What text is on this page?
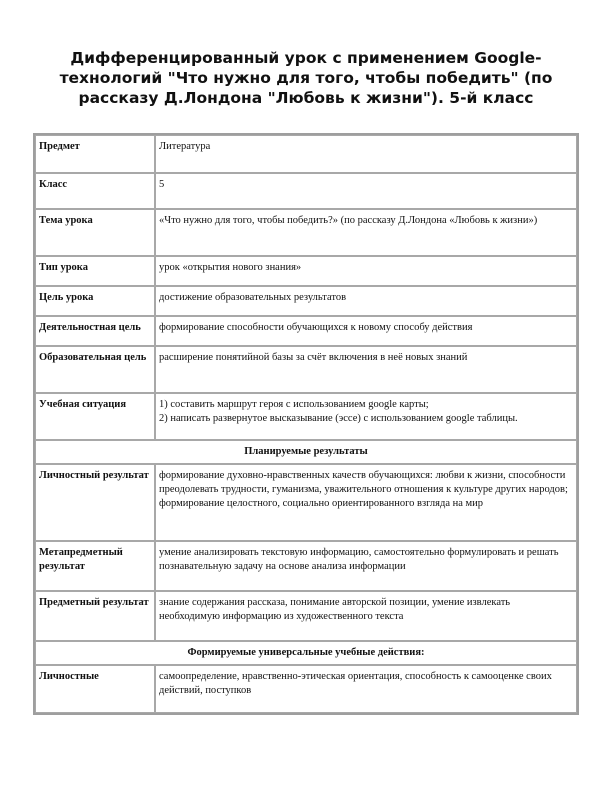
Дифференцированный урок с применением Google-технологий "Что нужно для того, чтобы победить" (по рассказу Д.Лондона "Любовь к жизни"). 5-й класс
Предмет	Литература
Класс	5
Тема урока	«Что нужно для того, чтобы победить?» (по рассказу Д.Лондона «Любовь к жизни»)
Тип урока	урок «открытия нового знания»
Цель урока	достижение образовательных результатов
Деятельностная цель	формирование способности обучающихся к новому способу действия
Образовательная цель	расширение понятийной базы за счёт включения в неё новых знаний
Учебная ситуация	1) составить маршрут героя с использованием google карты;
2) написать развернутое высказывание (эссе) с использованием google таблицы.

Планируемые результаты	
Личностный результат	формирование духовно-нравственных качеств обучающихся: любви к жизни, способности преодолевать трудности, гуманизма, уважительного отношения к культуре других народов; формирование целостного, социально ориентированного взгляда на мир
Метапредметный результат	умение анализировать текстовую информацию, самостоятельно формулировать и решать познавательную задачу на основе анализа информации
Предметный результат	знание содержания рассказа, понимание авторской позиции, умение извлекать необходимую информацию из художественного текста
Формируемые универсальные учебные действия:	
Личностные	самоопределение, нравственно-этическая ориентация, способность к самооценке своих действий, поступков
